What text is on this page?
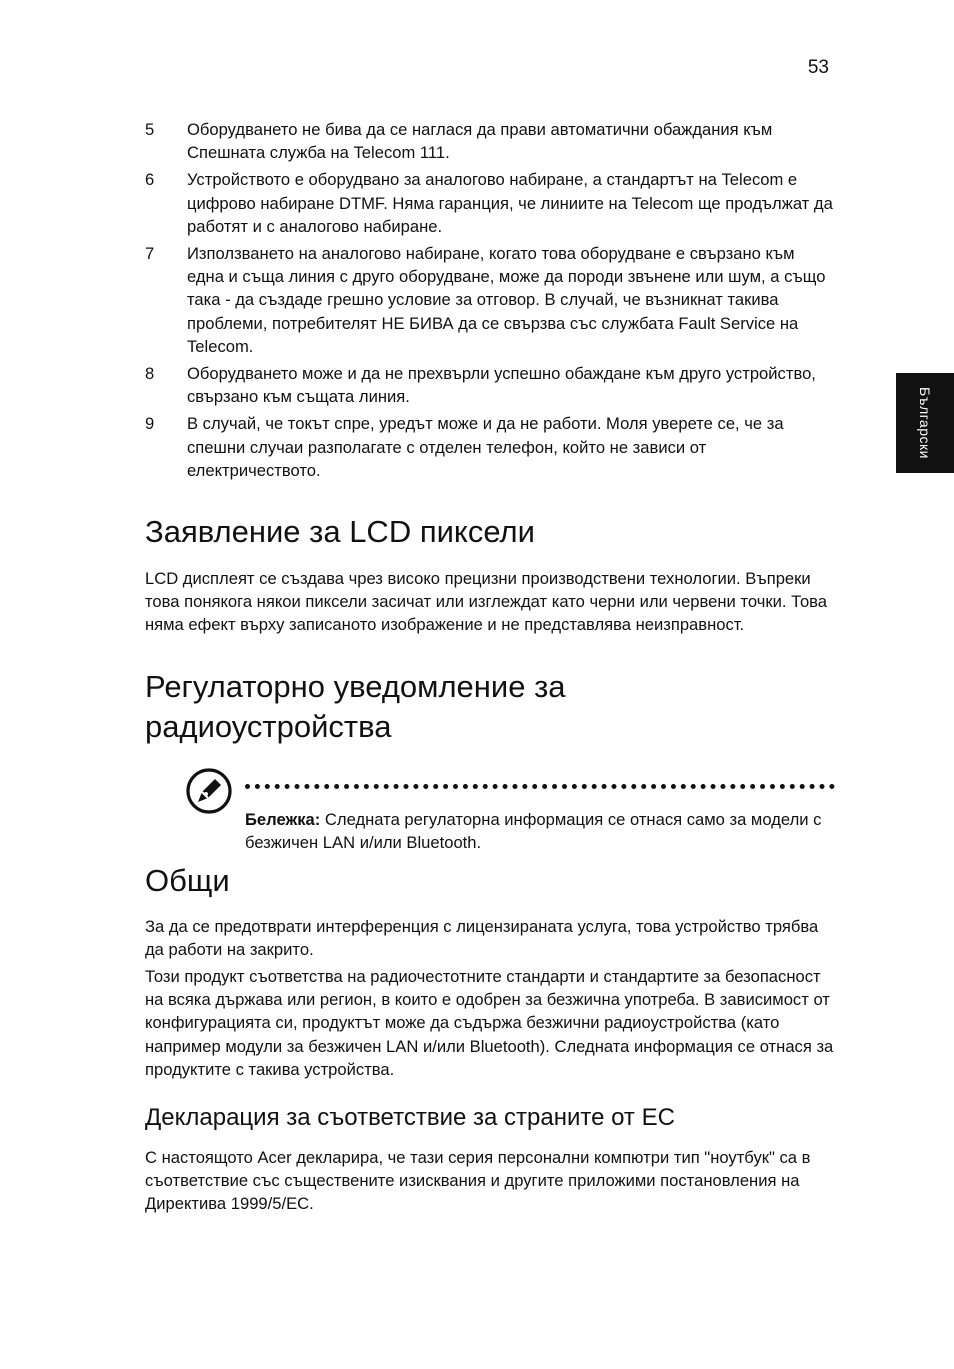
53
Български
5	Оборудването не бива да се наглася да прави автоматични обаждания към Спешната служба на Telecom 111.
6	Устройството е оборудвано за аналогово набиране, а стандартът на Telecom е цифрово набиране DTMF. Няма гаранция, че линиите на Telecom ще продължат да работят и с аналогово набиране.
7	Използването на аналогово набиране, когато това оборудване е свързано към една и съща линия с друго оборудване, може да породи звънене или шум, а също така - да създаде грешно условие за отговор. В случай, че възникнат такива проблеми, потребителят НЕ БИВА да се свързва със службата Fault Service на Telecom.
8	Оборудването може и да не прехвърли успешно обаждане към друго устройство, свързано към същата линия.
9	В случай, че токът спре, уредът може и да не работи. Моля уверете се, че за спешни случаи разполагате с отделен телефон, който не зависи от електричеството.
Заявление за LCD пиксели

LCD дисплеят се създава чрез високо прецизни производствени технологии. Въпреки това понякога някои пиксели засичат или изглеждат като черни или червени точки. Това няма ефект върху записаното изображение и не представлява неизправност.

Регулаторно уведомление за
радиоустройства

Бележка: Следната регулаторна информация се отнася само за модели с безжичен LAN и/или Bluetooth.

Общи

За да се предотврати интерференция с лицензираната услуга, това устройство трябва да работи на закрито.

Този продукт съответства на радиочестотните стандарти и стандартите за безопасност на всяка държава или регион, в които е одобрен за безжична употреба. В зависимост от конфигурацията си, продуктът може да съдържа безжични радиоустройства (като например модули за безжичен LAN и/или Bluetooth). Следната информация се отнася за продуктите с такива устройства.

Декларация за съответствие за страните от ЕС

С настоящото Acer декларира, че тази серия персонални компютри тип "ноутбук" са в съответствие със съществените изисквания и другите приложими постановления на Директива 1999/5/ЕС.
